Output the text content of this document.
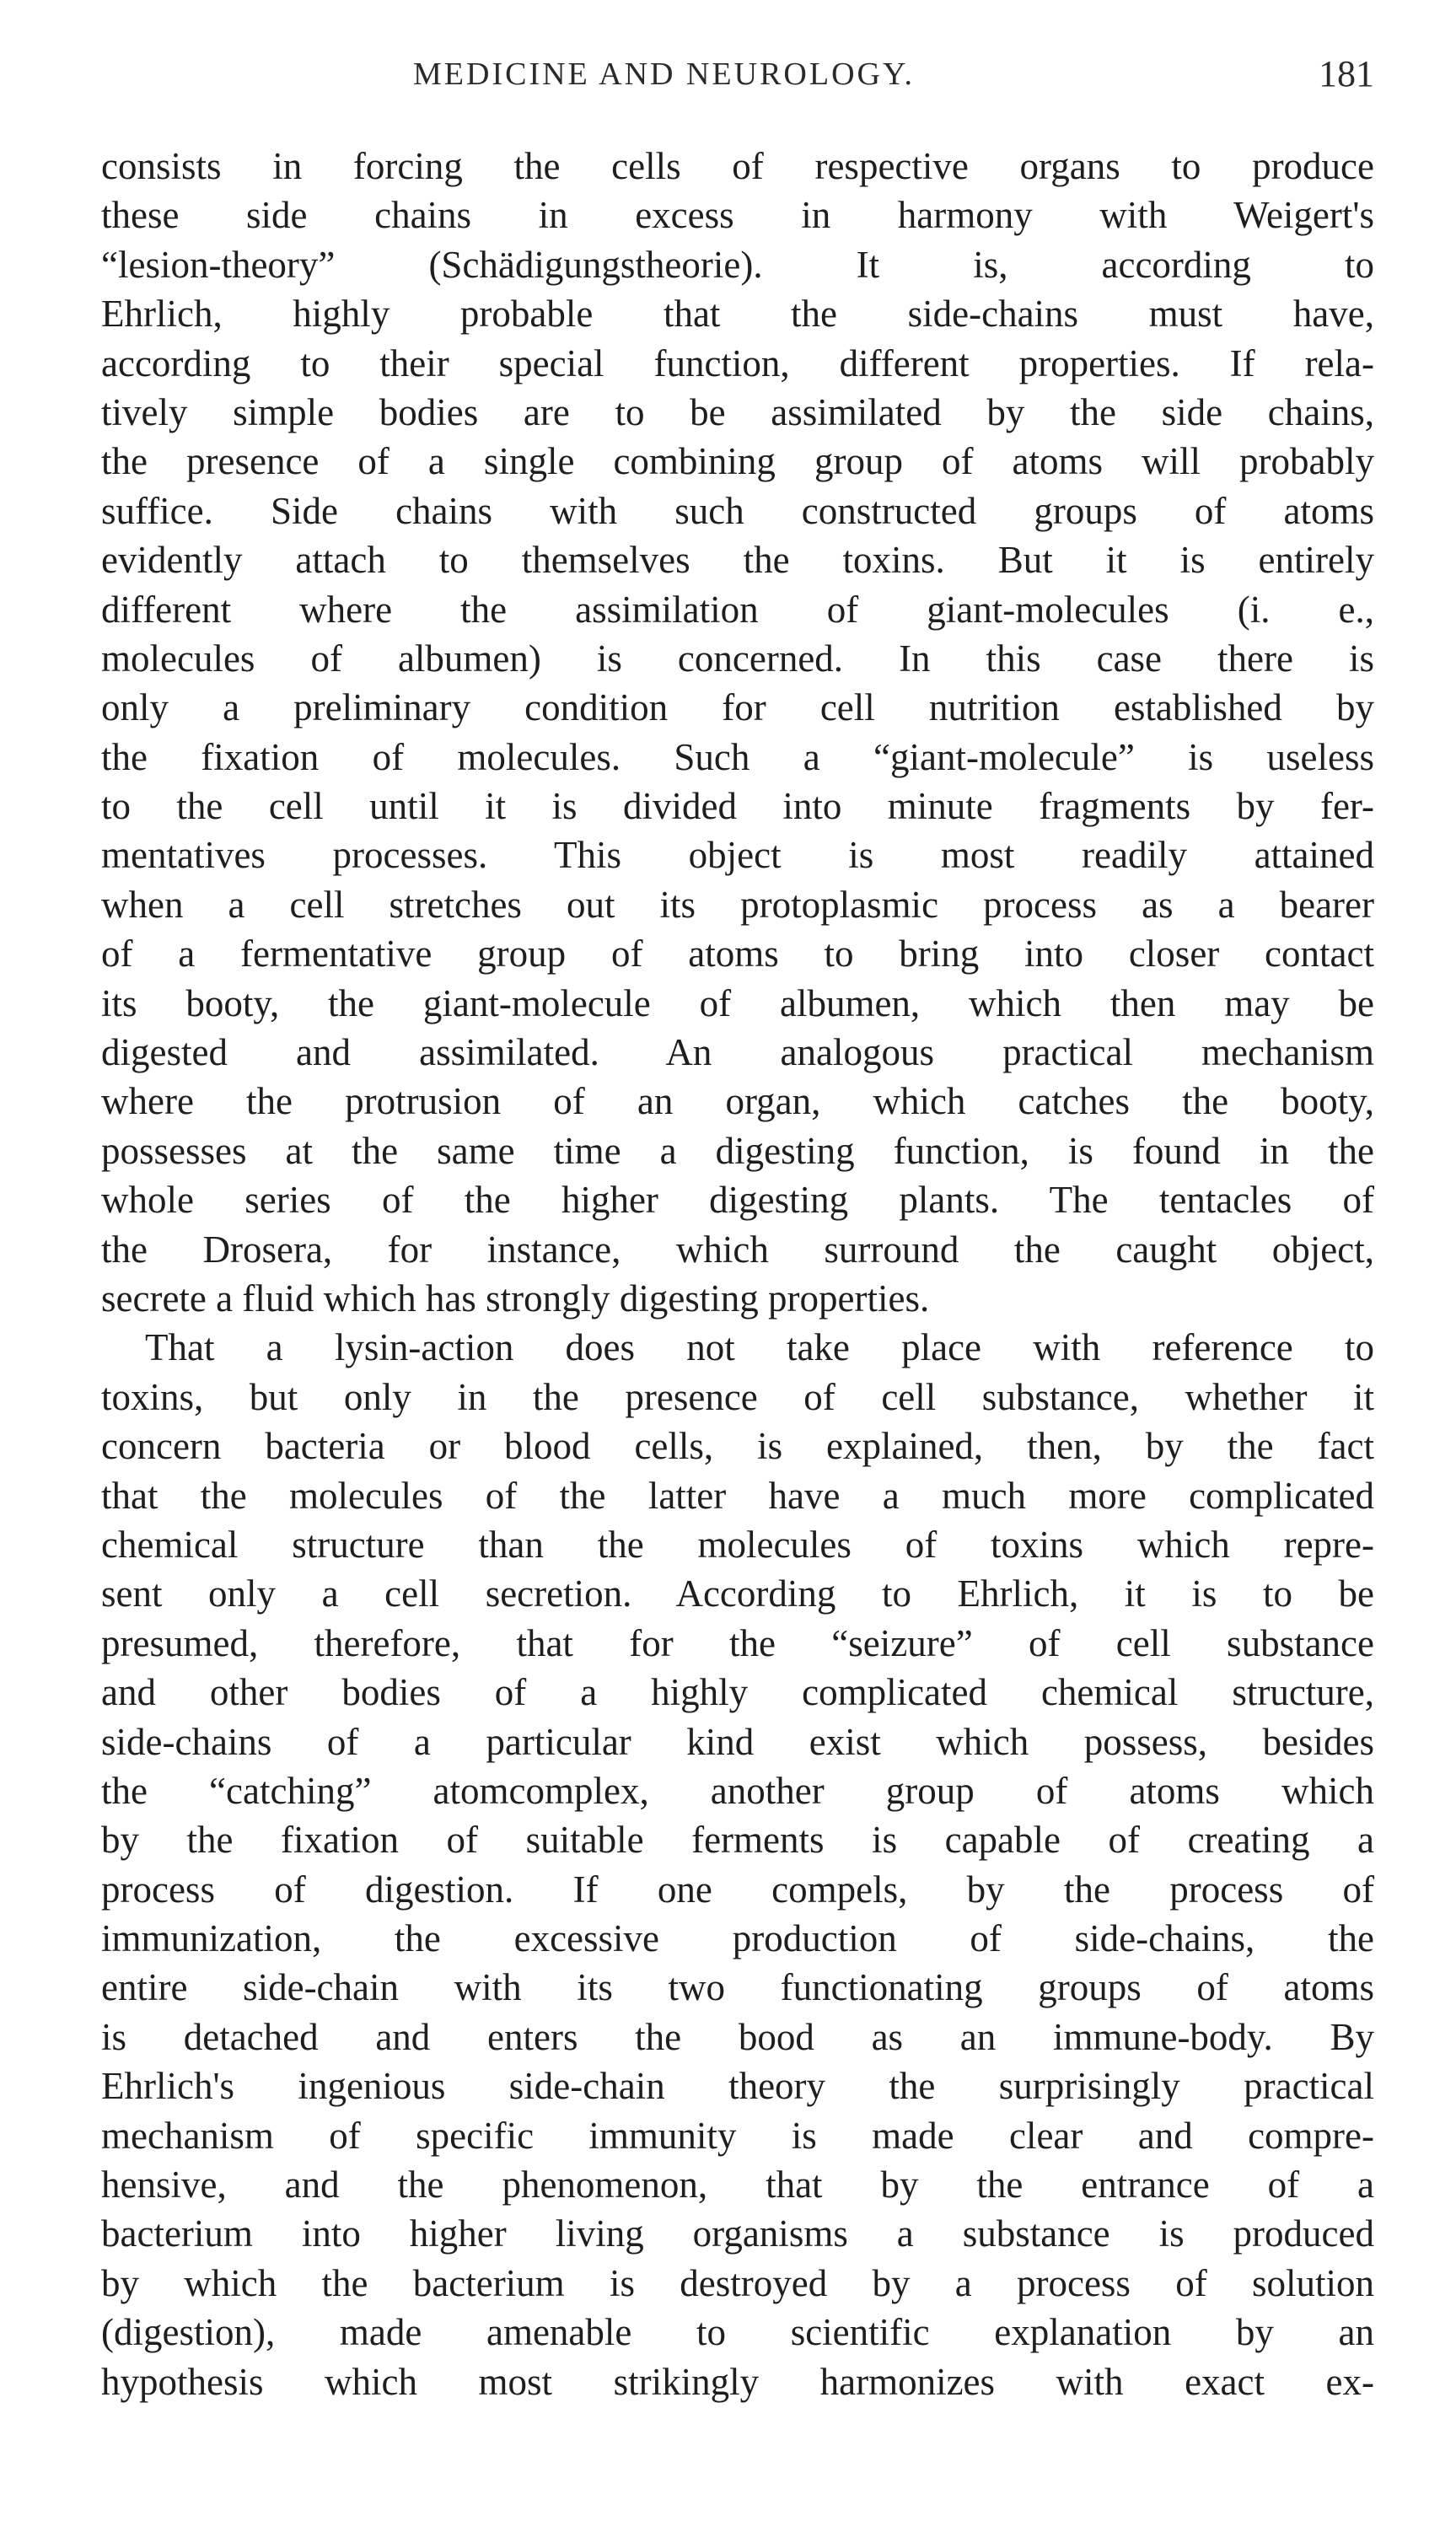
MEDICINE AND NEUROLOGY.	181
consists in forcing the cells of respective organs to produce
these side chains in excess in harmony with Weigert's
“lesion-theory” (Schädigungstheorie). It is, according to
Ehrlich, highly probable that the side-chains must have,
according to their special function, different properties. If rela-
tively simple bodies are to be assimilated by the side chains,
the presence of a single combining group of atoms will probably
suffice. Side chains with such constructed groups of atoms
evidently attach to themselves the toxins. But it is entirely
different where the assimilation of giant-molecules (i. e.,
molecules of albumen) is concerned. In this case there is
only a preliminary condition for cell nutrition established by
the fixation of molecules. Such a “giant-molecule” is useless
to the cell until it is divided into minute fragments by fer-
mentatives processes. This object is most readily attained
when a cell stretches out its protoplasmic process as a bearer
of a fermentative group of atoms to bring into closer contact
its booty, the giant-molecule of albumen, which then may be
digested and assimilated. An analogous practical mechanism
where the protrusion of an organ, which catches the booty,
possesses at the same time a digesting function, is found in the
whole series of the higher digesting plants. The tentacles of
the Drosera, for instance, which surround the caught object,
secrete a fluid which has strongly digesting properties.
That a lysin-action does not take place with reference to
toxins, but only in the presence of cell substance, whether it
concern bacteria or blood cells, is explained, then, by the fact
that the molecules of the latter have a much more complicated
chemical structure than the molecules of toxins which repre-
sent only a cell secretion. According to Ehrlich, it is to be
presumed, therefore, that for the “seizure” of cell substance
and other bodies of a highly complicated chemical structure,
side-chains of a particular kind exist which possess, besides
the “catching” atomcomplex, another group of atoms which
by the fixation of suitable ferments is capable of creating a
process of digestion. If one compels, by the process of
immunization, the excessive production of side-chains, the
entire side-chain with its two functionating groups of atoms
is detached and enters the bood as an immune-body. By
Ehrlich's ingenious side-chain theory the surprisingly practical
mechanism of specific immunity is made clear and compre-
hensive, and the phenomenon, that by the entrance of a
bacterium into higher living organisms a substance is produced
by which the bacterium is destroyed by a process of solution
(digestion), made amenable to scientific explanation by an
hypothesis which most strikingly harmonizes with exact ex-
